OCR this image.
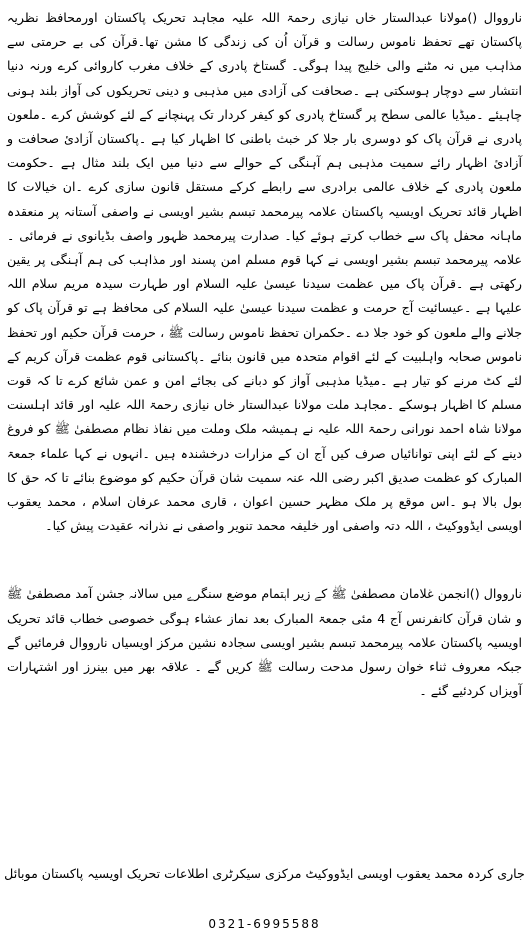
نارووال ()مولانا عبدالستار خاں نیازی رحمۃ اللہ علیہ مجاہد تحریک پاکستان اورمحافظ نظریہ پاکستان تھے تحفظ ناموس رسالت و قرآن اُن کی زندگی کا مشن تھا۔قرآن کی بے حرمتی سے مذاہب میں نہ مٹنے والی خلیج پیدا ہوگی۔ گستاخ پادری کے خلاف مغرب کاروائی کرے ورنہ دنیا انتشار سے دوچار ہوسکتی ہے ۔صحافت کی آزادی میں مذہبی و دینی تحریکوں کی آواز بلند ہونی چاہیئے ۔میڈیا عالمی سطح پر گستاخ پادری کو کیفر کردار تک پہنچانے کے لئے کوشش کرے ۔ملعون پادری نے قرآن پاک کو دوسری بار جلا کر خبث باطنی کا اظہار کیا ہے ۔پاکستان آزادئ صحافت و آزادئ اظہار رائے سمیت مذہبی ہم آہنگی کے حوالے سے دنیا میں ایک بلند مثال ہے ۔حکومت ملعون پادری کے خلاف عالمی برادری سے رابطے کرکے مستقل قانون سازی کرے ۔ان خیالات کا اظہار قائد تحریک اویسیہ پاکستان علامہ پیرمحمد تبسم بشیر اویسی نے واصفی آستانہ پر منعقدہ ماہانہ محفل پاک سے خطاب کرتے ہوئے کیا۔ صدارت پیرمحمد ظہور واصف بڈیانوی نے فرمائی ۔علامہ پیرمحمد تبسم بشیر اویسی نے کہا قوم مسلم امن پسند اور مذاہب کی ہم آہنگی پر یقین رکھتی ہے ۔قرآن پاک میں عظمت سیدنا عیسیٰ علیہ السلام اور طہارت سیدہ مریم سلام اللہ علیہا ہے ۔عیسائیت آج حرمت و عظمت سیدنا عیسیٰ علیہ السلام کی محافظ ہے تو قرآن پاک کو جلانے والے ملعون کو خود جلا دے ۔حکمران تحفظ ناموس رسالت ﷺ ، حرمت قرآن حکیم اور تحفظ ناموس صحابہ واہلبیت کے لئے اقوام متحدہ میں قانون بنائے ۔پاکستانی قوم عظمت قرآن کریم کے لئے کٹ مرنے کو تیار ہے ۔میڈیا مذہبی آواز کو دبانے کی بجائے امن و عمن شائع کرے تا کہ قوت مسلم کا اظہار ہوسکے ۔مجاہد ملت مولانا عبدالستار خاں نیازی رحمۃ اللہ علیہ اور قائد اہلسنت مولانا شاہ احمد نورانی رحمۃ اللہ علیہ نے ہمیشہ ملک وملت میں نفاذ نظام مصطفیٰ ﷺ کو فروغ دینے کے لئے اپنی توانائیاں صرف کیں آج ان کے مزارات درخشندہ ہیں ۔انہوں نے کہا علماء جمعۃ المبارک کو عظمت صدیق اکبر رضی اللہ عنہ سمیت شان قرآن حکیم کو موضوع بنائے تا کہ حق کا بول بالا ہو ۔اس موقع پر ملک مظہر حسین اعوان ، قاری محمد عرفان اسلام ، محمد یعقوب اویسی ایڈووکیٹ ، اللہ دتہ واصفی اور خلیفہ محمد تنویر واصفی نے نذرانہ عقیدت پیش کیا۔

نارووال ()انجمن غلامان مصطفیٰ ﷺ کے زیر اہتمام موضع سنگرے میں سالانہ جشن آمد مصطفیٰ ﷺ و شان قرآن کانفرنس آج 4 مئی جمعۃ المبارک بعد نماز عشاء ہوگی خصوصی خطاب قائد تحریک اویسیہ پاکستان علامہ پیرمحمد تبسم بشیر اویسی سجادہ نشین مرکز اویسیاں نارووال فرمائیں گے جبکہ معروف ثناء خوان رسول مدحت رسالت ﷺ کریں گے ۔ علاقہ بھر میں بینرز اور اشتہارات آویزاں کردئیے گئے ۔

جاری کردہ محمد یعقوب اویسی ایڈووکیٹ مرکزی سیکرٹری اطلاعات تحریک اویسیہ پاکستان موبائل

0321-6995588
